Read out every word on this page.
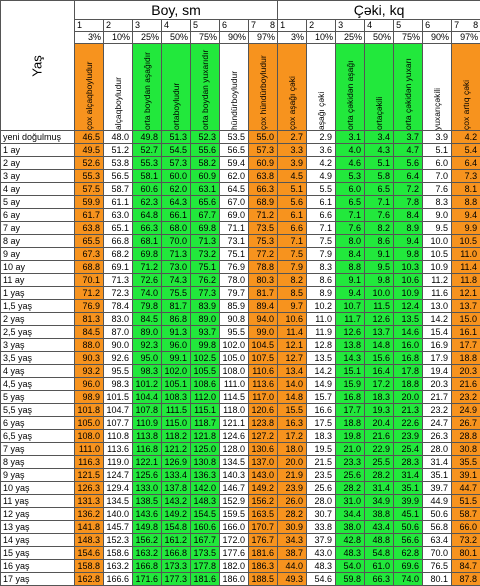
Yaş	Boy, sm							Çəki, kq						
	1	2	3	4	5	6	7 8	1	2	3	4	5	6	7 8

	3%	10%	25%	50%	75%	90%	97%	3%	10%	25%	50%	75%	90%	97%

	çox alçaqboyludur	alçaqboyludur	orta boydan aşağıdır	ortaboyludur	orta boydan yuxarıdır	hündürboyludur	çox hündürboyludur	çox aşağı çəki	aşağı çəki	orta çəkidən aşağı	ortaçəkili	orta çəkidən yuxarı	yuxarıçəkili	çox artıq çəki

yeni doğulmuş	46.5	48.0	49.8	51.3	52.3	53.5	55.0	2.7	2.9	3.1	3.4	3.7	3.9	4.2
1 ay	49.5	51.2	52.7	54.5	55.6	56.5	57.3	3.3	3.6	4.0	4.3	4.7	5.1	5.4
2 ay	52.6	53.8	55.3	57.3	58.2	59.4	60.9	3.9	4.2	4.6	5.1	5.6	6.0	6.4
3 ay	55.3	56.5	58.1	60.0	60.9	62.0	63.8	4.5	4.9	5.3	5.8	6.4	7.0	7.3
4 ay	57.5	58.7	60.6	62.0	63.1	64.5	66.3	5.1	5.5	6.0	6.5	7.2	7.6	8.1
5 ay	59.9	61.1	62.3	64.3	65.6	67.0	68.9	5.6	6.1	6.5	7.1	7.8	8.3	8.8
6 ay	61.7	63.0	64.8	66.1	67.7	69.0	71.2	6.1	6.6	7.1	7.6	8.4	9.0	9.4
7 ay	63.8	65.1	66.3	68.0	69.8	71.1	73.5	6.6	7.1	7.6	8.2	8.9	9.5	9.9
8 ay	65.5	66.8	68.1	70.0	71.3	73.1	75.3	7.1	7.5	8.0	8.6	9.4	10.0	10.5
9 ay	67.3	68.2	69.8	71.3	73.2	75.1	77.2	7.5	7.9	8.4	9.1	9.8	10.5	11.0
10 ay	68.8	69.1	71.2	73.0	75.1	76.9	78.8	7.9	8.3	8.8	9.5	10.3	10.9	11.4
11 ay	70.1	71.3	72.6	74.3	76.2	78.0	80.3	8.2	8.6	9.1	9.8	10.6	11.2	11.8
1 yaş	71.2	72.3	74.0	75.5	77.3	79.7	81.7	8.5	8.9	9.4	10.0	10.9	11.6	12.1
1,5 yaş	76.9	78.4	79.8	81.7	83.9	85.9	89.4	9.7	10.2	10.7	11.5	12.4	13.0	13.7
2 yaş	81.3	83.0	84.5	86.8	89.0	90.8	94.0	10.6	11.0	11.7	12.6	13.5	14.2	15.0
2,5 yaş	84.5	87.0	89.0	91.3	93.7	95.5	99.0	11.4	11.9	12.6	13.7	14.6	15.4	16.1
3 yaş	88.0	90.0	92.3	96.0	99.8	102.0	104.5	12.1	12.8	13.8	14.8	16.0	16.9	17.7
3,5 yaş	90.3	92.6	95.0	99.1	102.5	105.0	107.5	12.7	13.5	14.3	15.6	16.8	17.9	18.8
4 yaş	93.2	95.5	98.3	102.0	105.5	108.0	110.6	13.4	14.2	15.1	16.4	17.8	19.4	20.3
4,5 yaş	96.0	98.3	101.2	105.1	108.6	111.0	113.6	14.0	14.9	15.9	17.2	18.8	20.3	21.6
5 yaş	98.9	101.5	104.4	108.3	112.0	114.5	117.0	14.8	15.7	16.8	18.3	20.0	21.7	23.2
5,5 yaş	101.8	104.7	107.8	111.5	115.1	118.0	120.6	15.5	16.6	17.7	19.3	21.3	23.2	24.9
6 yaş	105.0	107.7	110.9	115.0	118.7	121.1	123.8	16.3	17.5	18.8	20.4	22.6	24.7	26.7
6,5 yaş	108.0	110.8	113.8	118.2	121.8	124.6	127.2	17.2	18.3	19.8	21.6	23.9	26.3	28.8
7 yaş	111.0	113.6	116.8	121.2	125.0	128.0	130.6	18.0	19.5	21.0	22.9	25.4	28.0	30.8
8 yaş	116.3	119.0	122.1	126.9	130.8	134.5	137.0	20.0	21.5	23.3	25.5	28.3	31.4	35.5
9 yaş	121.5	124.7	125.6	133.4	136.3	140.3	143.0	21.9	23.5	25.6	28.2	31.4	35.1	39.1
10 yaş	126.3	129.4	133.0	137.8	142.0	146.7	149.2	23.9	25.6	28.2	31.4	35.1	39.7	44.7
11 yaş	131.3	134.5	138.5	143.2	148.3	152.9	156.2	26.0	28.0	31.0	34.9	39.9	44.9	51.5
12 yaş	136.2	140.0	143.6	149.2	154.5	159.5	163.5	28.2	30.7	34.4	38.8	45.1	50.6	58.7
13 yaş	141.8	145.7	149.8	154.8	160.6	166.0	170.7	30.9	33.8	38.0	43.4	50.6	56.8	66.0
14 yaş	148.3	152.3	156.2	161.2	167.7	172.0	176.7	34.3	37.9	42.8	48.8	56.6	63.4	73.2
15 yaş	154.6	158.6	163.2	166.8	173.5	177.6	181.6	38.7	43.0	48.3	54.8	62.8	70.0	80.1
16 yaş	158.8	163.2	166.8	173.3	177.8	182.0	186.3	44.0	48.3	54.0	61.0	69.6	76.5	84.7
17 yaş	162.8	166.6	171.6	177.3	181.6	186.0	188.5	49.3	54.6	59.8	66.3	74.0	80.1	87.8
